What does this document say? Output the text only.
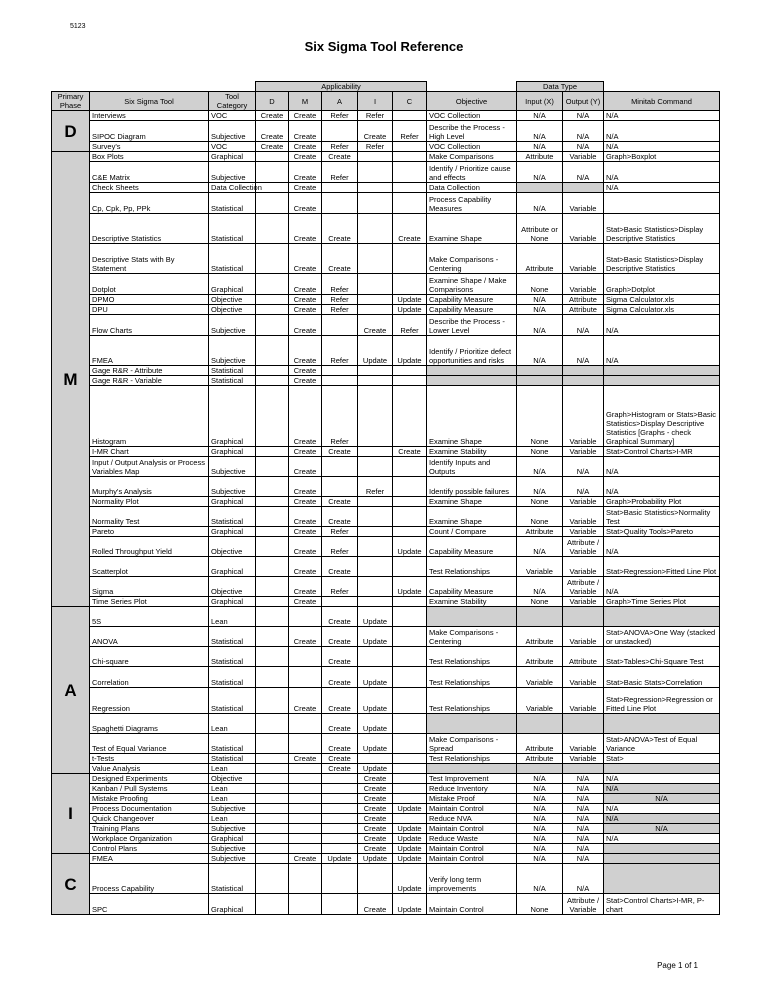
5123
Six Sigma Tool Reference
			Applicability						Data Type		
Primary Phase	Six Sigma Tool	Tool Category	D	M	A	I	C	Objective	Input (X)	Output (Y)	Minitab Command
D	Interviews	VOC	Create	Create	Refer	Refer		VOC Collection	N/A	N/A	N/A
	SIPOC Diagram	Subjective	Create	Create		Create	Refer	Describe the Process - High Level	N/A	N/A	N/A
	Survey's	VOC	Create	Create	Refer	Refer		VOC Collection	N/A	N/A	N/A
M	Box Plots	Graphical		Create	Create			Make Comparisons	Attribute	Variable	Graph>Boxplot
	C&E Matrix	Subjective		Create	Refer			Identify / Prioritize cause and effects	N/A	N/A	N/A
	Check Sheets	Data Collection		Create				Data Collection			N/A
	Cp, Cpk, Pp, PPk	Statistical		Create				Process Capability Measures	N/A	Variable	
	Descriptive Statistics	Statistical		Create	Create		Create	Examine Shape	Attribute or None	Variable	Stat>Basic Statistics>Display Descriptive Statistics
	Descriptive Stats with By Statement	Statistical		Create	Create			Make Comparisons - Centering	Attribute	Variable	Stat>Basic Statistics>Display Descriptive Statistics
	Dotplot	Graphical		Create	Refer			Examine Shape / Make Comparisons	None	Variable	Graph>Dotplot
	DPMO	Objective		Create	Refer		Update	Capability Measure	N/A	Attribute	Sigma Calculator.xls
	DPU	Objective		Create	Refer		Update	Capability Measure	N/A	Attribute	Sigma Calculator.xls
	Flow Charts	Subjective		Create		Create	Refer	Describe the Process - Lower Level	N/A	N/A	N/A
	FMEA	Subjective		Create	Refer	Update	Update	Identify / Prioritize defect opportunities and risks	N/A	N/A	N/A
	Gage R&R - Attribute	Statistical		Create							
	Gage R&R - Variable	Statistical		Create							
	Histogram	Graphical		Create	Refer			Examine Shape	None	Variable	Graph>Histogram or Stats>Basic Statistics>Display Descriptive Statistics [Graphs - check Graphical Summary]
	I-MR Chart	Graphical		Create	Create		Create	Examine Stability	None	Variable	Stat>Control Charts>I-MR
	Input / Output Analysis or Process Variables Map	Subjective		Create				Identify Inputs and Outputs	N/A	N/A	N/A
	Murphy's Analysis	Subjective		Create		Refer		Identify possible failures	N/A	N/A	N/A
	Normality Plot	Graphical		Create	Create			Examine Shape	None	Variable	Graph>Probability Plot
	Normality Test	Statistical		Create	Create			Examine Shape	None	Variable	Stat>Basic Statistics>Normality Test
	Pareto	Graphical		Create	Refer			Count / Compare	Attribute	Variable	Stat>Quality Tools>Pareto
	Rolled Throughput Yield	Objective		Create	Refer		Update	Capability Measure	N/A	Attribute / Variable	N/A
	Scatterplot	Graphical		Create	Create			Test Relationships	Variable	Variable	Stat>Regression>Fitted Line Plot
	Sigma	Objective		Create	Refer		Update	Capability Measure	N/A	Attribute / Variable	N/A
	Time Series Plot	Graphical		Create				Examine Stability	None	Variable	Graph>Time Series Plot
A	5S	Lean			Create	Update					
	ANOVA	Statistical		Create	Create	Update		Make Comparisons - Centering	Attribute	Variable	Stat>ANOVA>One Way (stacked or unstacked)
	Chi-square	Statistical			Create			Test Relationships	Attribute	Attribute	Stat>Tables>Chi-Square Test
	Correlation	Statistical			Create	Update		Test Relationships	Variable	Variable	Stat>Basic Stats>Correlation
	Regression	Statistical		Create	Create	Update		Test Relationships	Variable	Variable	Stat>Regression>Regression or Fitted Line Plot
	Spaghetti Diagrams	Lean			Create	Update					
	Test of Equal Variance	Statistical			Create	Update		Make Comparisons - Spread	Attribute	Variable	Stat>ANOVA>Test of Equal Variance
	t-Tests	Statistical		Create	Create			Test Relationships	Attribute	Variable	Stat>
	Value Analysis	Lean			Create	Update					
I	Designed Experiments	Objective				Create		Test Improvement	N/A	N/A	N/A
	Kanban / Pull Systems	Lean				Create		Reduce Inventory	N/A	N/A	N/A
	Mistake Proofing	Lean				Create		Mistake Proof	N/A	N/A	N/A
	Process Documentation	Subjective				Create	Update	Maintain Control	N/A	N/A	N/A
	Quick Changeover	Lean				Create		Reduce NVA	N/A	N/A	N/A
	Training Plans	Subjective				Create	Update	Maintain Control	N/A	N/A	N/A
	Workplace Organization	Graphical				Create	Update	Reduce Waste	N/A	N/A	N/A
	Control Plans	Subjective				Create	Update	Maintain Control	N/A	N/A	
C	FMEA	Subjective		Create	Update	Update	Update	Maintain Control	N/A	N/A	
	Process Capability	Statistical					Update	Verify long term improvements	N/A	N/A	
	SPC	Graphical				Create	Update	Maintain Control	None	Attribute / Variable	Stat>Control Charts>I-MR, P-chart
Page 1 of 1
